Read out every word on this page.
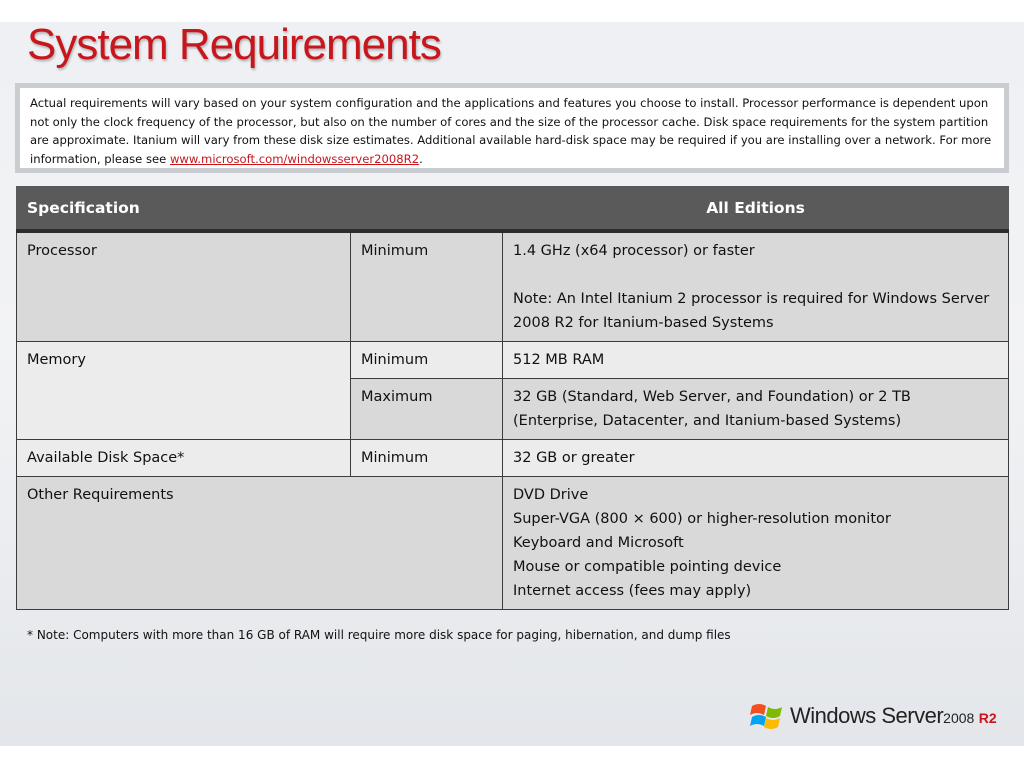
System Requirements
Actual requirements will vary based on your system configuration and the applications and features you choose to install. Processor performance is dependent upon not only the clock frequency of the processor, but also on the number of cores and the size of the processor cache. Disk space requirements for the system partition are approximate. Itanium will vary from these disk size estimates. Additional available hard-disk space may be required if you are installing over a network. For more information, please see www.microsoft.com/windowsserver2008R2.
Specification		All Editions
Processor	Minimum	1.4 GHz (x64 processor) or faster
Note: An Intel Itanium 2 processor is required for Windows Server 2008 R2 for Itanium-based Systems

Memory	Minimum	512 MB RAM
	Maximum	32 GB (Standard, Web Server, and Foundation) or 2 TB (Enterprise, Datacenter, and Itanium-based Systems)
Available Disk Space*	Minimum	32 GB or greater
Other Requirements		DVD Drive
Super-VGA (800 × 600) or higher-resolution monitor
Keyboard and Microsoft
Mouse or compatible pointing device
Internet access (fees may apply)
* Note: Computers with more than 16 GB of RAM will require more disk space for paging, hibernation, and dump files
Windows Server2008 R2
